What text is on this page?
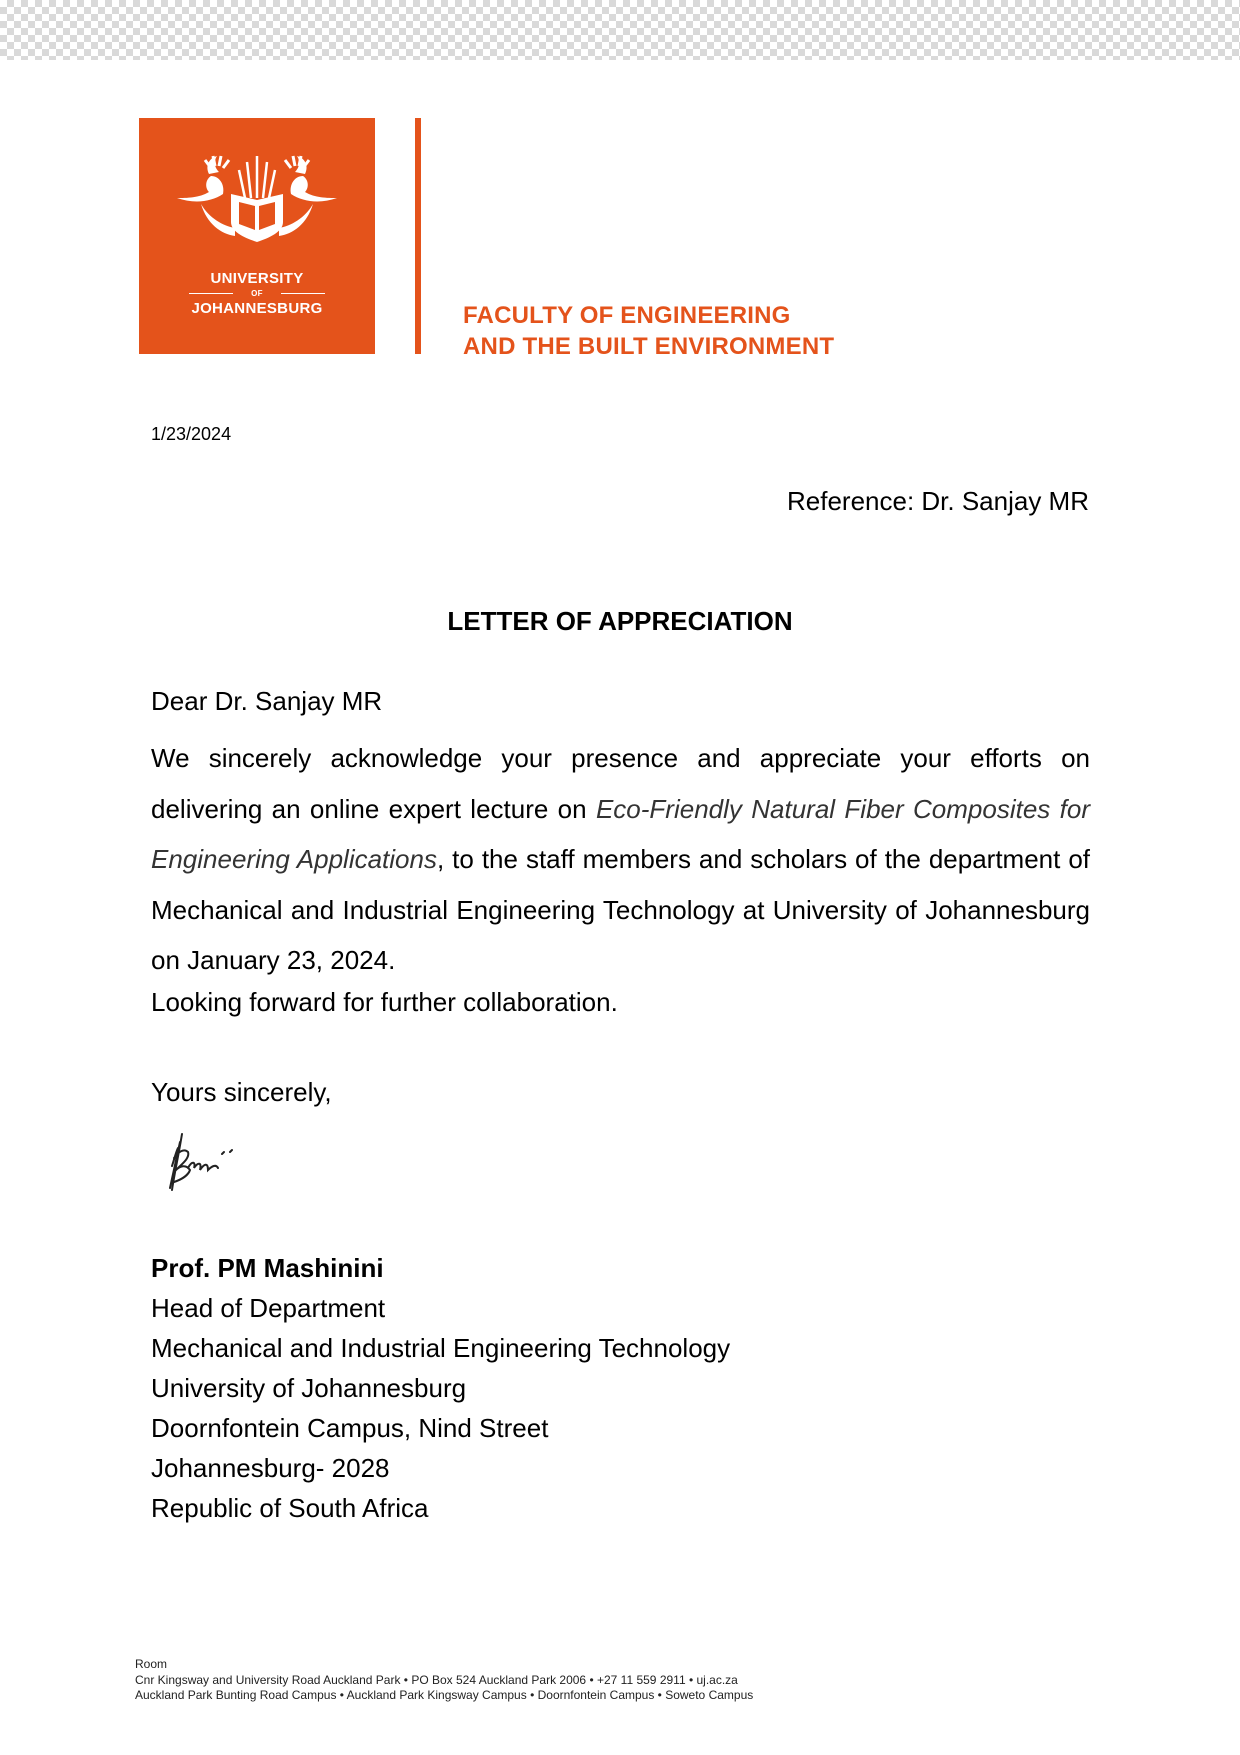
UNIVERSITY
OF
JOHANNESBURG	FACULTY OF ENGINEERING
AND THE BUILT ENVIRONMENT
1/23/2024
Reference: Dr. Sanjay MR
LETTER OF APPRECIATION
Dear Dr. Sanjay MR
We sincerely acknowledge your presence and appreciate your efforts on delivering an online expert lecture on Eco-Friendly Natural Fiber Composites for Engineering Applications, to the staff members and scholars of the department of Mechanical and Industrial Engineering Technology at University of Johannesburg on January 23, 2024.
Looking forward for further collaboration.
Yours sincerely,
Prof. PM Mashinini
Head of Department
Mechanical and Industrial Engineering Technology
University of Johannesburg
Doornfontein Campus, Nind Street
Johannesburg- 2028
Republic of South Africa
Room
Cnr Kingsway and University Road Auckland Park • PO Box 524 Auckland Park 2006 • +27 11 559 2911 • uj.ac.za
Auckland Park Bunting Road Campus • Auckland Park Kingsway Campus • Doornfontein Campus • Soweto Campus
